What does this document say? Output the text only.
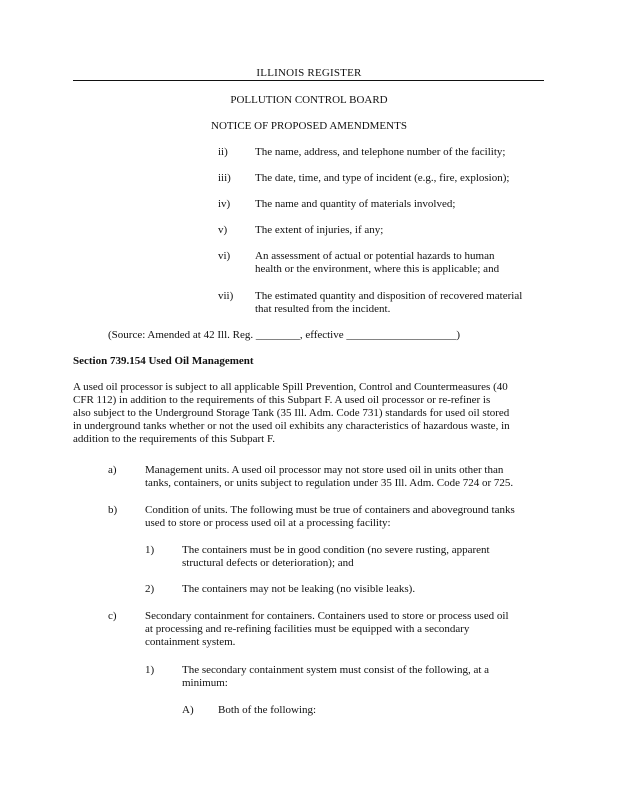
ILLINOIS REGISTER
POLLUTION CONTROL BOARD
NOTICE OF PROPOSED AMENDMENTS
ii) The name, address, and telephone number of the facility;
iii) The date, time, and type of incident (e.g., fire, explosion);
iv) The name and quantity of materials involved;
v)	The extent of injuries, if any;
vi) An assessment of actual or potential hazards to human
health or the environment, where this is applicable; and
vii) The estimated quantity and disposition of recovered material
that resulted from the incident.
(Source: Amended at 42 Ill. Reg. ________, effective ____________________)
Section 739.154 Used Oil Management
A used oil processor is subject to all applicable Spill Prevention, Control and Countermeasures (40
CFR 112) in addition to the requirements of this Subpart F. A used oil processor or re-refiner is
also subject to the Underground Storage Tank (35 Ill. Adm. Code 731) standards for used oil stored
in underground tanks whether or not the used oil exhibits any characteristics of hazardous waste, in
addition to the requirements of this Subpart F.
a)	Management units. A used oil processor may not store used oil in units other than
tanks, containers, or units subject to regulation under 35 Ill. Adm. Code 724 or 725.
b)	Condition of units. The following must be true of containers and aboveground tanks
used to store or process used oil at a processing facility:
1)	The containers must be in good condition (no severe rusting, apparent
structural defects or deterioration); and
2)	The containers may not be leaking (no visible leaks).
c)	Secondary containment for containers. Containers used to store or process used oil
at processing and re-refining facilities must be equipped with a secondary
containment system.
1)	The secondary containment system must consist of the following, at a
minimum:
A) Both of the following:
